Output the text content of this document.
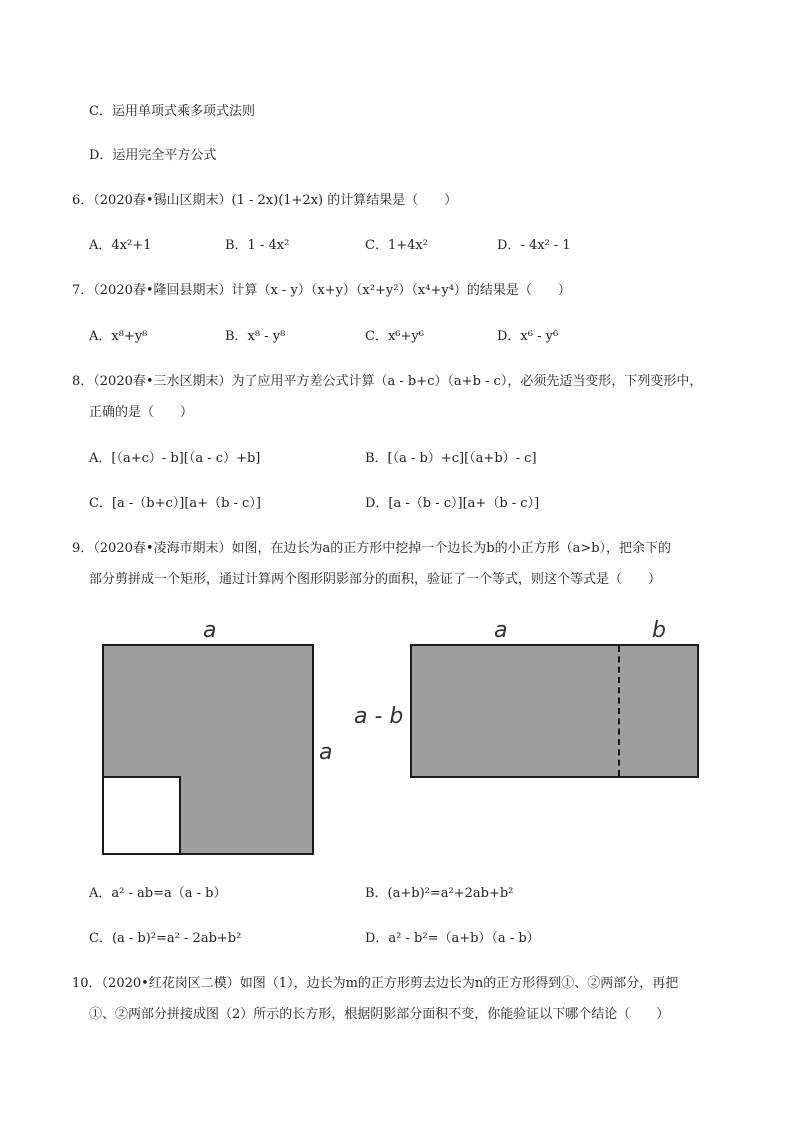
C．运用单项式乘多项式法则
D．运用完全平方公式
6．（2020春•锡山区期末）(1 - 2x)(1+2x) 的计算结果是（　　）
A．4x²+1	B．1 - 4x²	C．1+4x²	D．- 4x² - 1
7．（2020春•隆回县期末）计算（x - y）（x+y）（x²+y²）（x⁴+y⁴）的结果是（　　）
A．x⁸+y⁸	B．x⁸ - y⁸	C．x⁶+y⁶	D．x⁶ - y⁶
8．（2020春•三水区期末）为了应用平方差公式计算（a - b+c）（a+b - c），必须先适当变形，下列变形中，
正确的是（　　）
A．[（a+c）- b][（a - c）+b]	B．[（a - b）+c][（a+b）- c]
C．[a -（b+c）][a+（b - c）]	D．[a -（b - c）][a+（b - c）]
9．（2020春•凌海市期末）如图，在边长为a的正方形中挖掉一个边长为b的小正方形（a>b），把余下的
部分剪拼成一个矩形，通过计算两个图形阴影部分的面积，验证了一个等式，则这个等式是（　　）
a
a
a - b
a	b
A．a² - ab=a（a - b）	B．(a+b)²=a²+2ab+b²
C．(a - b)²=a² - 2ab+b²	D．a² - b²=（a+b）（a - b）
10．（2020•红花岗区二模）如图（1），边长为m的正方形剪去边长为n的正方形得到①、②两部分，再把
①、②两部分拼接成图（2）所示的长方形，根据阴影部分面积不变，你能验证以下哪个结论（　　）
